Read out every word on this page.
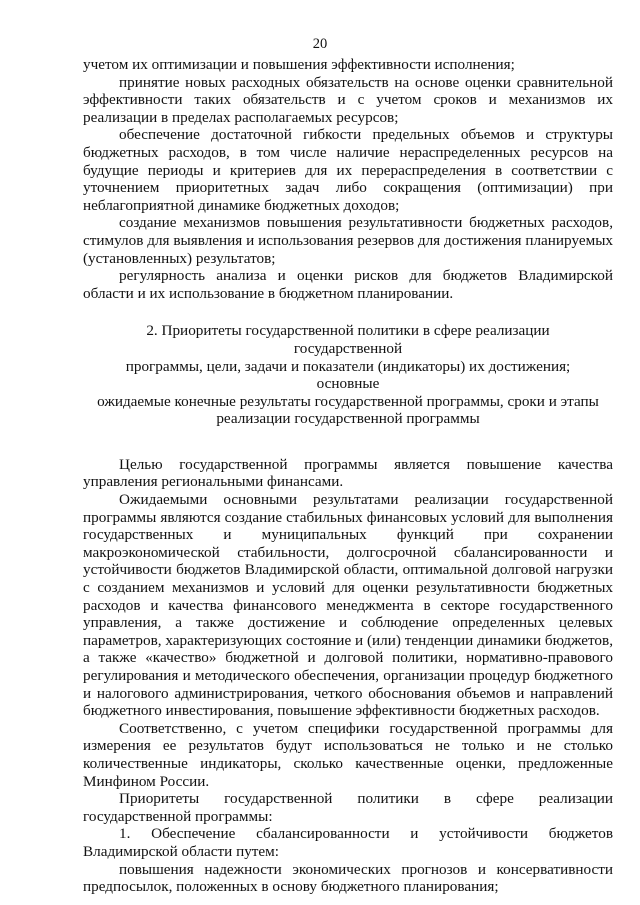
20

учетом их оптимизации и повышения эффективности исполнения;

принятие новых расходных обязательств на основе оценки сравнительной эффективности таких обязательств и с учетом сроков и механизмов их реализации в пределах располагаемых ресурсов;

обеспечение достаточной гибкости предельных объемов и структуры бюджетных расходов, в том числе наличие нераспределенных ресурсов на будущие периоды и критериев для их перераспределения в соответствии с уточнением приоритетных задач либо сокращения (оптимизации) при неблагоприятной динамике бюджетных доходов;

создание механизмов повышения результативности бюджетных расходов, стимулов для выявления и использования резервов для достижения планируемых (установленных) результатов;

регулярность анализа и оценки рисков для бюджетов Владимирской области и их использование в бюджетном планировании.

2. Приоритеты государственной политики в сфере реализации государственной
программы, цели, задачи и показатели (индикаторы) их достижения; основные
ожидаемые конечные результаты государственной программы, сроки и этапы
реализации государственной программы

Целью государственной программы является повышение качества управления региональными финансами.

Ожидаемыми основными результатами реализации государственной программы являются создание стабильных финансовых условий для выполнения государственных и муниципальных функций при сохранении макроэкономической стабильности, долгосрочной сбалансированности и устойчивости бюджетов Владимирской области, оптимальной долговой нагрузки с созданием механизмов и условий для оценки результативности бюджетных расходов и качества финансового менеджмента в секторе государственного управления, а также достижение и соблюдение определенных целевых параметров, характеризующих состояние и (или) тенденции динамики бюджетов, а также «качество» бюджетной и долговой политики, нормативно-правового регулирования и методического обеспечения, организации процедур бюджетного и налогового администрирования, четкого обоснования объемов и направлений бюджетного инвестирования, повышение эффективности бюджетных расходов.

Соответственно, с учетом специфики государственной программы для измерения ее результатов будут использоваться не только и не столько количественные индикаторы, сколько качественные оценки, предложенные Минфином России.

Приоритеты государственной политики в сфере реализации государственной программы:

1. Обеспечение сбалансированности и устойчивости бюджетов Владимирской области путем:

повышения надежности экономических прогнозов и консервативности предпосылок, положенных в основу бюджетного планирования;
